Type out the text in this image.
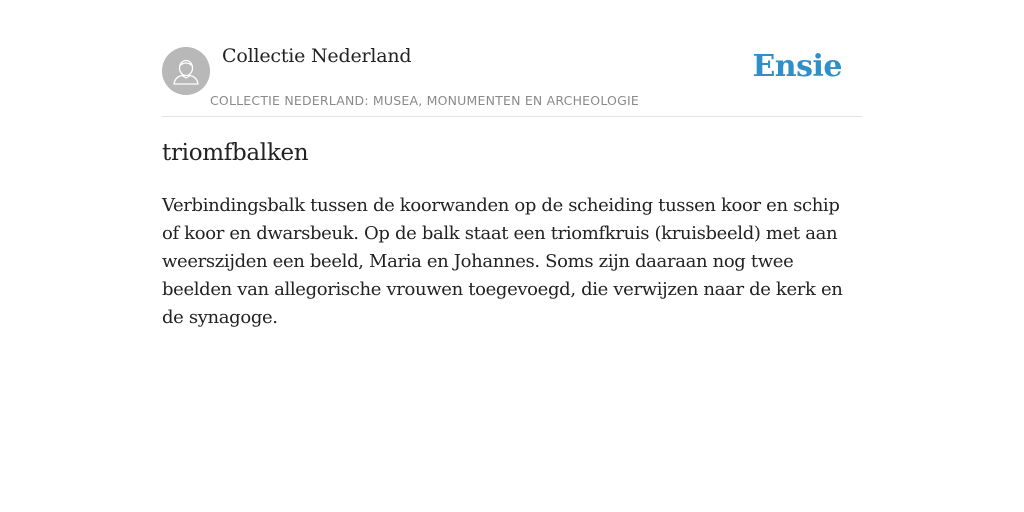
Collectie Nederland
COLLECTIE NEDERLAND: MUSEA, MONUMENTEN EN ARCHEOLOGIE
Ensie
triomfbalken

Verbindingsbalk tussen de koorwanden op de scheiding tussen koor en schip of koor en dwarsbeuk. Op de balk staat een triomfkruis (kruisbeeld) met aan weerszijden een beeld, Maria en Johannes. Soms zijn daaraan nog twee beelden van allegorische vrouwen toegevoegd, die verwijzen naar de kerk en de synagoge.
